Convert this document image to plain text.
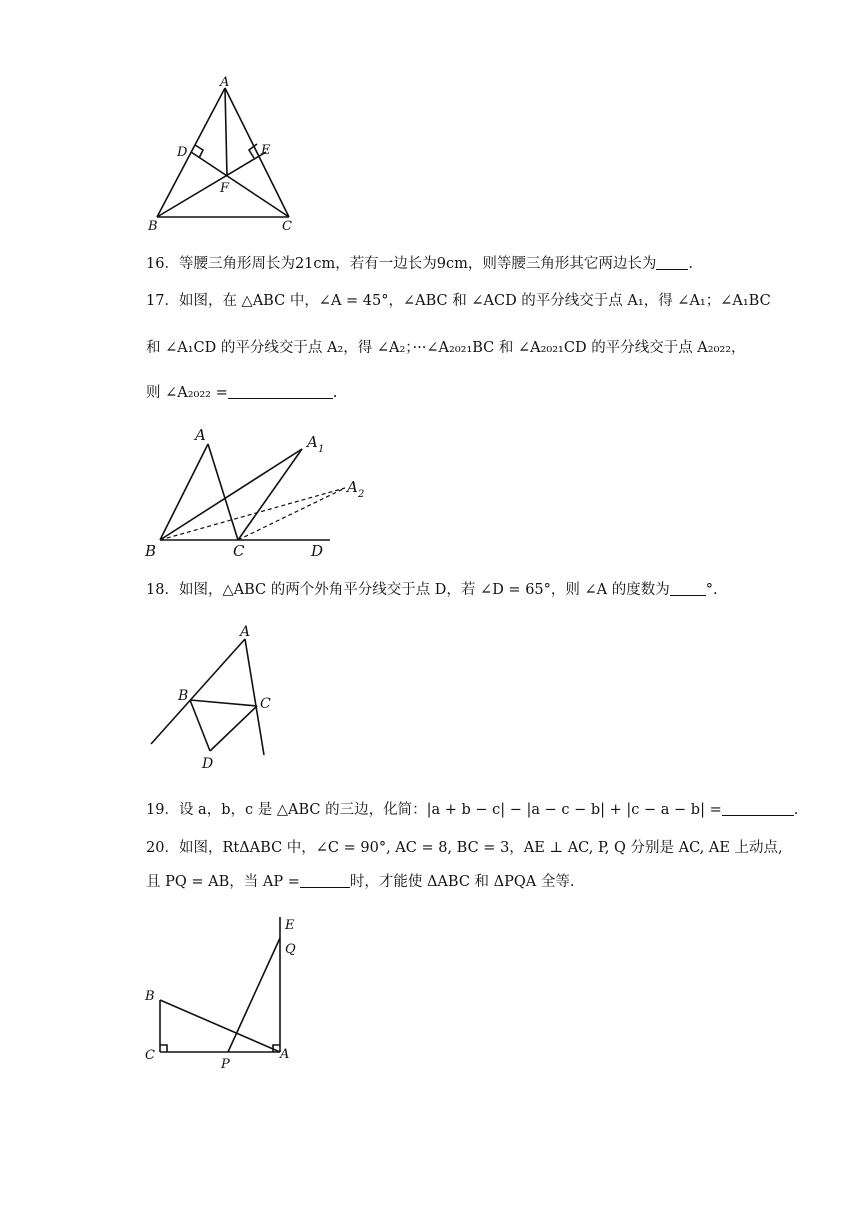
A
D	E
F
B	C
16．等腰三角形周长为21cm，若有一边长为9cm，则等腰三角形其它两边长为 .
17．如图，在 △ABC 中，∠A = 45°，∠ABC 和 ∠ACD 的平分线交于点 A₁，得 ∠A₁；∠A₁BC
和 ∠A₁CD 的平分线交于点 A₂，得 ∠A₂；···∠A₂₀₂₁BC 和 ∠A₂₀₂₁CD 的平分线交于点 A₂₀₂₂，
则 ∠A₂₀₂₂ =	.
A	A 1
A 2
B	C	D
18．如图，△ABC 的两个外角平分线交于点 D，若 ∠D = 65°，则 ∠A 的度数为 °.
A
B	C
D
19．设 a，b，c 是 △ABC 的三边，化简：|a + b − c| − |a − c − b| + |c − a − b| =	.
20．如图，RtΔABC 中，∠C = 90°, AC = 8, BC = 3，AE ⊥ AC, P, Q 分别是 AC, AE 上动点,
且 PQ = AB，当 AP =	时，才能使 ΔABC 和 ΔPQA 全等.
B
C
P
A
Q
E
